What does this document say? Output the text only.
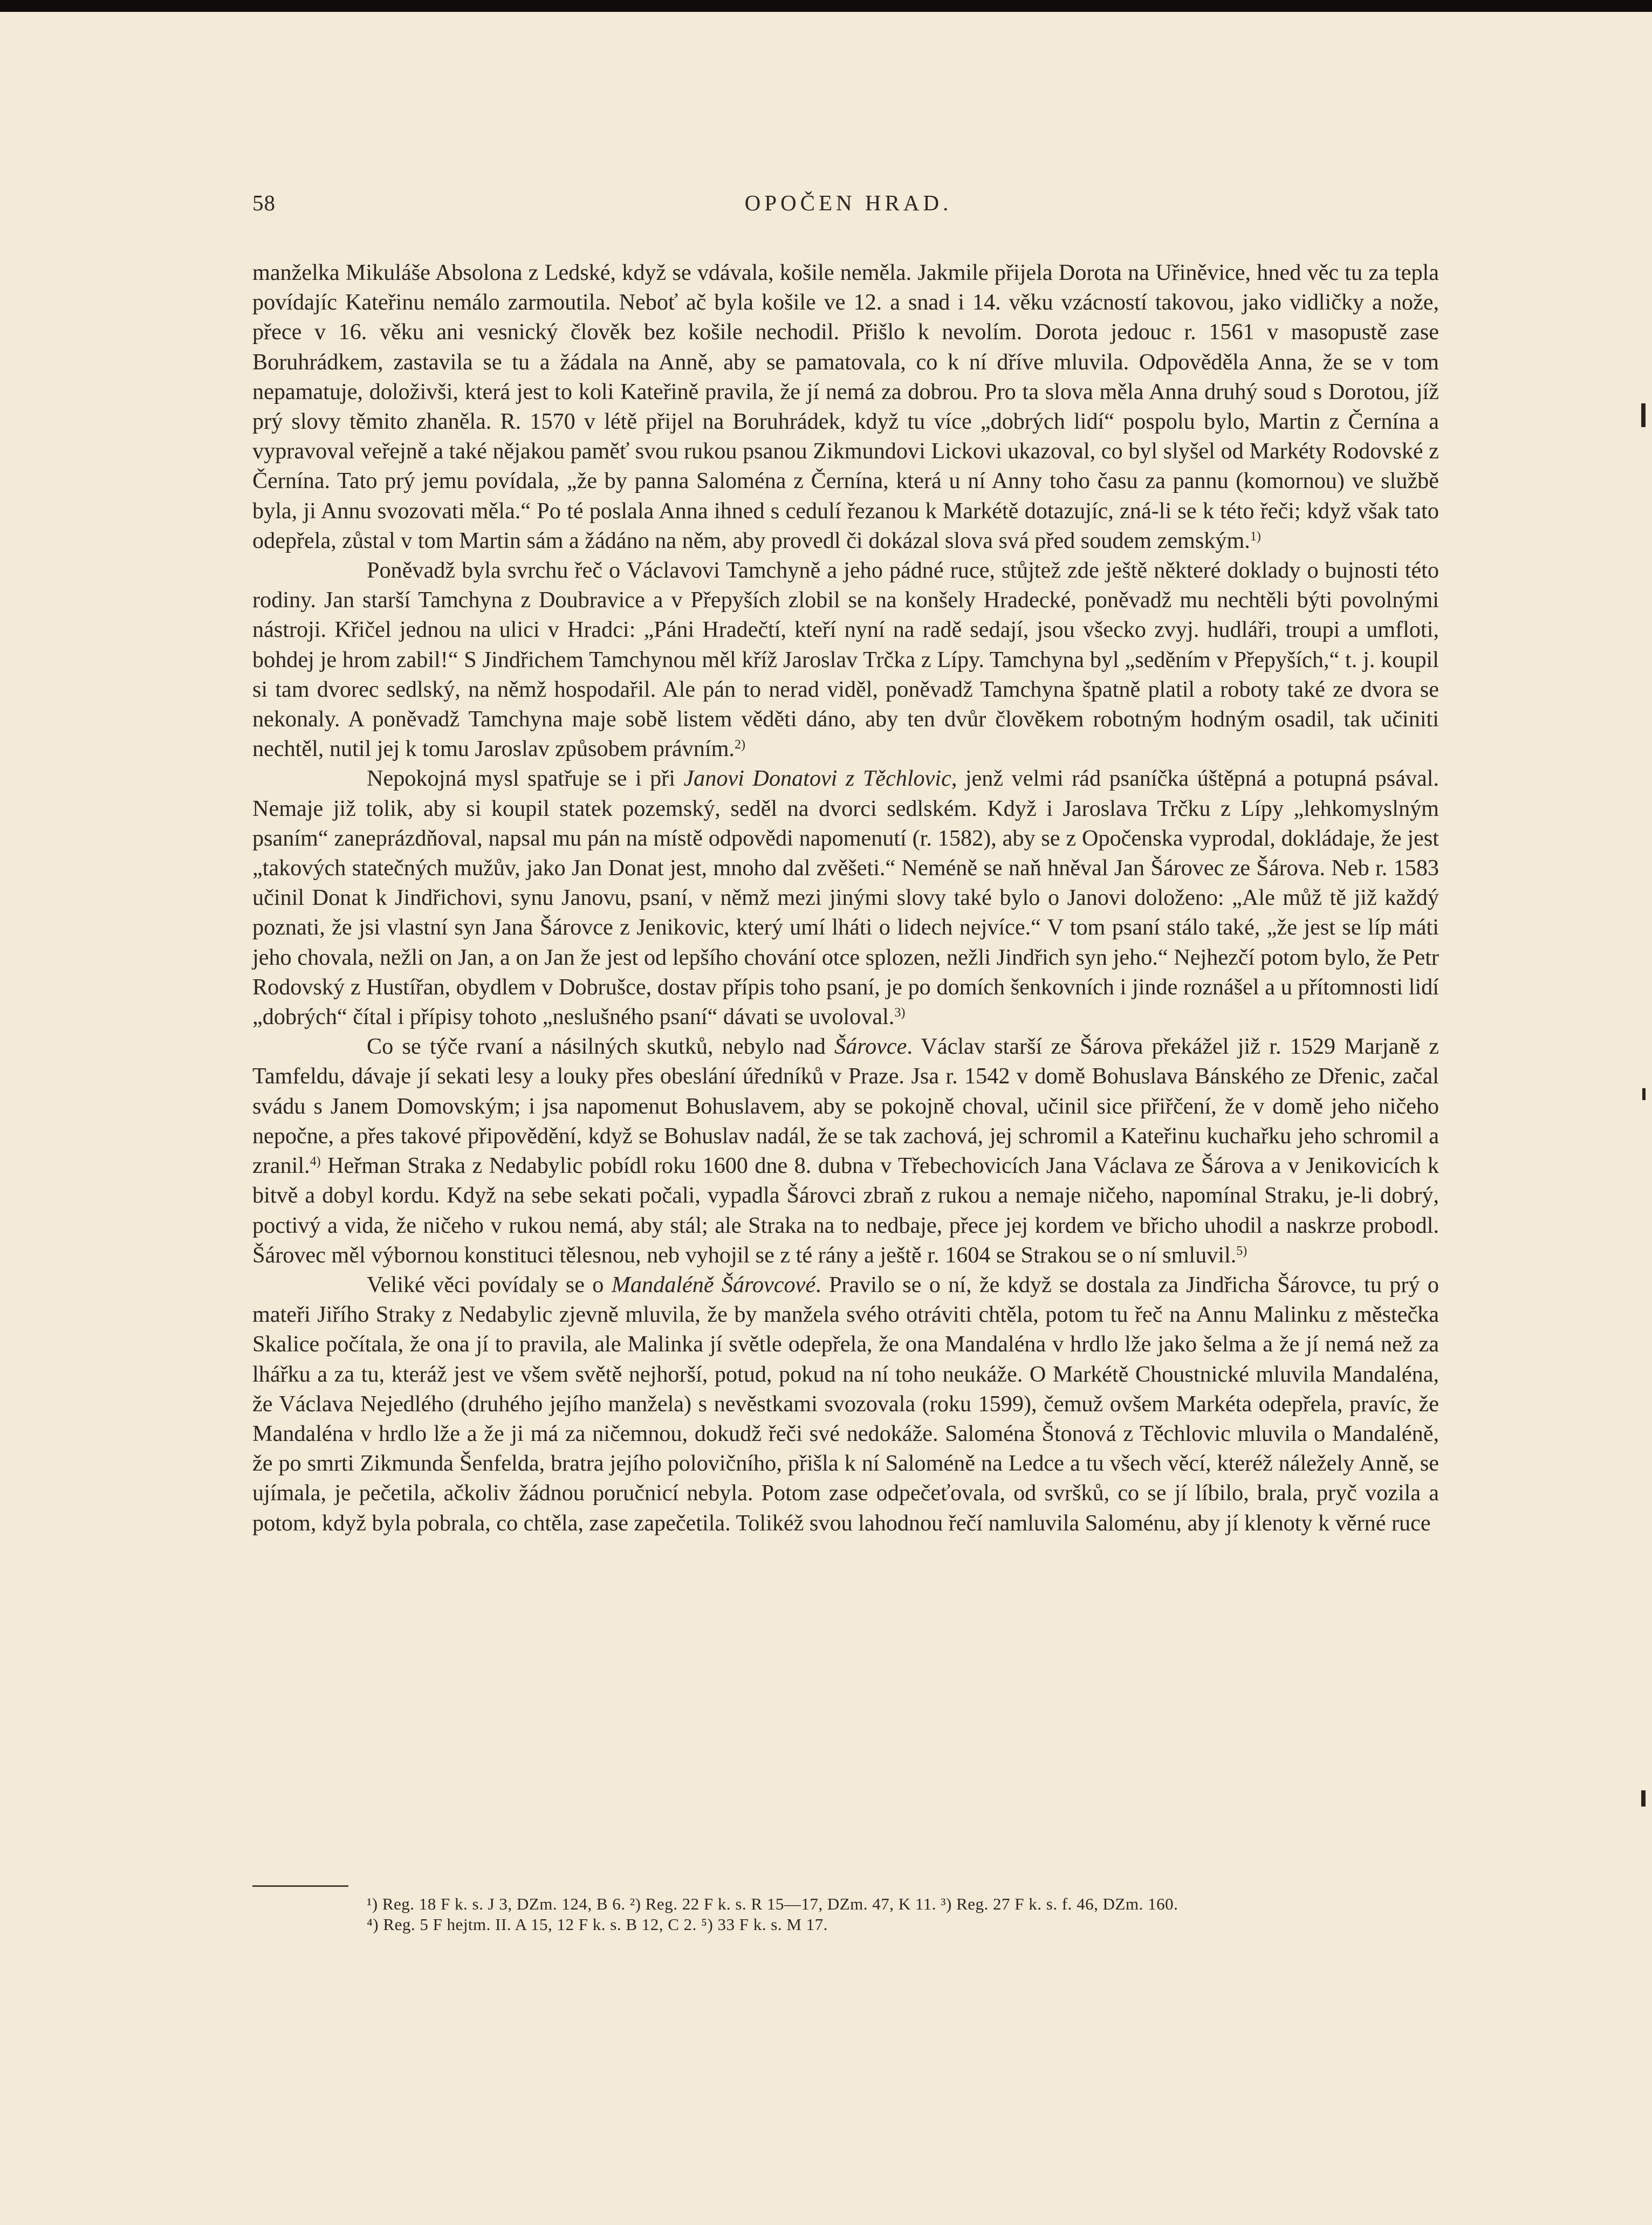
58	OPOČEN HRAD.

manželka Mikuláše Absolona z Ledské, když se vdávala, košile neměla. Jakmile přijela Dorota na Uřiněvice, hned věc tu za tepla povídajíc Kateřinu nemálo zarmoutila. Neboť ač byla košile ve 12. a snad i 14. věku vzácností takovou, jako vidličky a nože, přece v 16. věku ani vesnický člověk bez košile nechodil. Přišlo k nevolím. Dorota jedouc r. 1561 v masopustě zase Boruhrádkem, zastavila se tu a žádala na Anně, aby se pamatovala, co k ní dříve mluvila. Odpověděla Anna, že se v tom nepamatuje, doloživši, která jest to koli Kateřině pravila, že jí nemá za dobrou. Pro ta slova měla Anna druhý soud s Dorotou, jíž prý slovy těmito zhaněla. R. 1570 v létě přijel na Boruhrádek, když tu více „dobrých lidí“ pospolu bylo, Martin z Černína a vypravoval veřejně a také nějakou paměť svou rukou psanou Zikmundovi Lickovi ukazoval, co byl slyšel od Markéty Rodovské z Černína. Tato prý jemu povídala, „že by panna Saloména z Černína, která u ní Anny toho času za pannu (komornou) ve službě byla, ji Annu svozovati měla.“ Po té poslala Anna ihned s cedulí řezanou k Markétě dotazujíc, zná-li se k této řeči; když však tato odepřela, zůstal v tom Martin sám a žádáno na něm, aby provedl či dokázal slova svá před soudem zemským.$^{1)}$

Poněvadž byla svrchu řeč o Václavovi Tamchyně a jeho pádné ruce, stůjtež zde ještě některé doklady o bujnosti této rodiny. Jan starší Tamchyna z Doubravice a v Přepyších zlobil se na konšely Hradecké, poněvadž mu nechtěli býti povolnými nástroji. Křičel jednou na ulici v Hradci: „Páni Hradečtí, kteří nyní na radě sedají, jsou všecko zvyj. hudláři, troupi a umfloti, bohdej je hrom zabil!“ S Jindřichem Tamchynou měl kříž Jaroslav Trčka z Lípy. Tamchyna byl „seděním v Přepyších,“ t. j. koupil si tam dvorec sedlský, na němž hospodařil. Ale pán to nerad viděl, poněvadž Tamchyna špatně platil a roboty také ze dvora se nekonaly. A poněvadž Tamchyna maje sobě listem věděti dáno, aby ten dvůr člověkem robotným hodným osadil, tak učiniti nechtěl, nutil jej k tomu Jaroslav způsobem právním.$^{2)}$

Nepokojná mysl spatřuje se i při Janovi Donatovi z Těchlovic, jenž velmi rád psaníčka úštěpná a potupná psával. Nemaje již tolik, aby si koupil statek pozemský, seděl na dvorci sedlském. Když i Jaroslava Trčku z Lípy „lehkomyslným psaním“ zaneprázdňoval, napsal mu pán na místě odpovědi napomenutí (r. 1582), aby se z Opočenska vyprodal, dokládaje, že jest „takových statečných mužův, jako Jan Donat jest, mnoho dal zvěšeti.“ Neméně se naň hněval Jan Šárovec ze Šárova. Neb r. 1583 učinil Donat k Jindřichovi, synu Janovu, psaní, v němž mezi jinými slovy také bylo o Janovi doloženo: „Ale můž tě již každý poznati, že jsi vlastní syn Jana Šárovce z Jenikovic, který umí lháti o lidech nejvíce.“ V tom psaní stálo také, „že jest se líp máti jeho chovala, nežli on Jan, a on Jan že jest od lepšího chování otce splozen, nežli Jindřich syn jeho.“ Nejhezčí potom bylo, že Petr Rodovský z Hustířan, obydlem v Dobrušce, dostav přípis toho psaní, je po domích šenkovních i jinde roznášel a u přítomnosti lidí „dobrých“ čítal i přípisy tohoto „neslušného psaní“ dávati se uvoloval.$^{3)}$

Co se týče rvaní a násilných skutků, nebylo nad Šárovce. Václav starší ze Šárova překážel již r. 1529 Marjaně z Tamfeldu, dávaje jí sekati lesy a louky přes obeslání úředníků v Praze. Jsa r. 1542 v domě Bohuslava Bánského ze Dřenic, začal svádu s Janem Domovským; i jsa napomenut Bohuslavem, aby se pokojně choval, učinil sice přiřčení, že v domě jeho ničeho nepočne, a přes takové připovědění, když se Bohuslav nadál, že se tak zachová, jej schromil a Kateřinu kuchařku jeho schromil a zranil.$^{4)}$ Heřman Straka z Nedabylic pobídl roku 1600 dne 8. dubna v Třebechovicích Jana Václava ze Šárova a v Jenikovicích k bitvě a dobyl kordu. Když na sebe sekati počali, vypadla Šárovci zbraň z rukou a nemaje ničeho, napomínal Straku, je-li dobrý, poctivý a vida, že ničeho v rukou nemá, aby stál; ale Straka na to nedbaje, přece jej kordem ve břicho uhodil a naskrze probodl. Šárovec měl výbornou konstituci tělesnou, neb vyhojil se z té rány a ještě r. 1604 se Strakou se o ní smluvil.$^{5)}$

Veliké věci povídaly se o Mandaléně Šárovcové. Pravilo se o ní, že když se dostala za Jindřicha Šárovce, tu prý o mateři Jiřího Straky z Nedabylic zjevně mluvila, že by manžela svého otráviti chtěla, potom tu řeč na Annu Malinku z městečka Skalice počítala, že ona jí to pravila, ale Malinka jí světle odepřela, že ona Mandaléna v hrdlo lže jako šelma a že jí nemá než za lhářku a za tu, kteráž jest ve všem světě nejhorší, potud, pokud na ní toho neukáže. O Markétě Choustnické mluvila Mandaléna, že Václava Nejedlého (druhého jejího manžela) s nevěstkami svozovala (roku 1599), čemuž ovšem Markéta odepřela, pravíc, že Mandaléna v hrdlo lže a že ji má za ničemnou, dokudž řeči své nedokáže. Saloména Štonová z Těchlovic mluvila o Mandaléně, že po smrti Zikmunda Šenfelda, bratra jejího polovičního, přišla k ní Saloméně na Ledce a tu všech věcí, kteréž náležely Anně, se ujímala, je pečetila, ačkoliv žádnou poručnicí nebyla. Potom zase odpečeťovala, od svršků, co se jí líbilo, brala, pryč vozila a potom, když byla pobrala, co chtěla, zase zapečetila. Tolikéž svou lahodnou řečí namluvila Saloménu, aby jí klenoty k věrné ruce

¹) Reg. 18 F k. s. J 3, DZm. 124, B 6. ²) Reg. 22 F k. s. R 15—17, DZm. 47, K 11. ³) Reg. 27 F k. s. f. 46, DZm. 160.
⁴) Reg. 5 F hejtm. II. A 15, 12 F k. s. B 12, C 2. ⁵) 33 F k. s. M 17.
